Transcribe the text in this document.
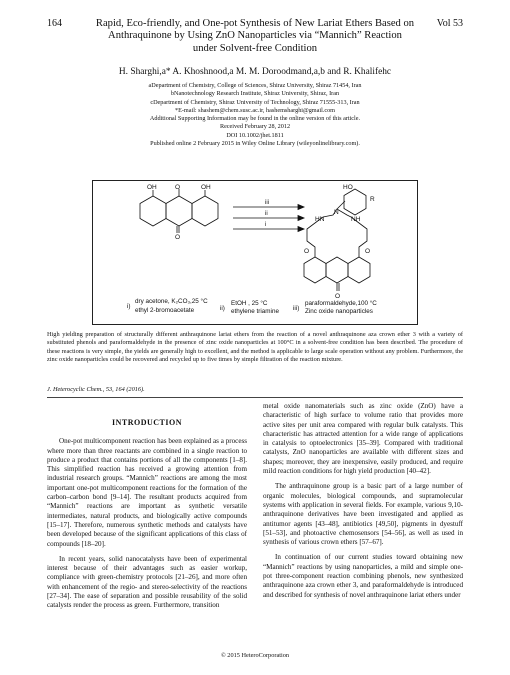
164	Vol 53
Rapid, Eco-friendly, and One-pot Synthesis of New Lariat Ethers Based on
Anthraquinone by Using ZnO Nanoparticles via “Mannich” Reaction
under Solvent-free Condition
H. Sharghi,a* A. Khoshnood,a M. M. Doroodmand,a,b and R. Khalifehc
aDepartment of Chemistry, College of Sciences, Shiraz University, Shiraz 71454, Iran
bNanotechnology Research Institute, Shiraz University, Shiraz, Iran
cDepartment of Chemistry, Shiraz University of Technology, Shiraz 71555-313, Iran
*E-mail: shashem@chem.susc.ac.ir, hashemsharghi@gmail.com
Additional Supporting Information may be found in the online version of this article.
Received February 28, 2012
DOI 10.1002/jhet.1811
Published online 2 February 2015 in Wiley Online Library (wileyonlinelibrary.com).
OH	OH
O
O
O
HO
R
N
HN	NH
O	O
iii
ii
i
i)
dry acetone, K₂CO₃,25 °C
ethyl 2-bromoacetate	ii)
EtOH , 25 °C
ethylene triamine iii)
paraformaldehyde,100 °C
Zinc oxide nanoparticles
High yielding preparation of structurally different anthraquinone lariat ethers from the reaction of a novel anthraquinone aza crown ether 3 with a variety of substituted phenols and paraformaldehyde in the presence of zinc oxide nanoparticles at 100°C in a solvent-free condition has been described. The procedure of these reactions is very simple, the yields are generally high to excellent, and the method is applicable to large scale operation without any problem. Furthermore, the zinc oxide nanoparticles could be recovered and recycled up to five times by simple filtration of the reaction mixture.
J. Heterocyclic Chem., 53, 164 (2016).
INTRODUCTION

One-pot multicomponent reaction has been explained as a process where more than three reactants are combined in a single reaction to produce a product that contains portions of all the components [1–8]. This simplified reaction has received a growing attention from industrial research groups. “Mannich” reactions are among the most important one-pot multicomponent reactions for the formation of the carbon–carbon bond [9–14]. The resultant products acquired from “Mannich” reactions are important as synthetic versatile intermediates, natural products, and biologically active compounds [15–17]. Therefore, numerous synthetic methods and catalysts have been developed because of the significant applications of this class of compounds [18–20].

In recent years, solid nanocatalysts have been of experimental interest because of their advantages such as easier workup, compliance with green-chemistry protocols [21–26], and more often with enhancement of the regio- and stereo-selectivity of the reactions [27–34]. The ease of separation and possible reusability of the solid catalysts render the process as green. Furthermore, transition

metal oxide nanomaterials such as zinc oxide (ZnO) have a characteristic of high surface to volume ratio that provides more active sites per unit area compared with regular bulk catalysts. This characteristic has attracted attention for a wide range of applications in catalysis to optoelectronics [35–39]. Compared with traditional catalysts, ZnO nanoparticles are available with different sizes and shapes; moreover, they are inexpensive, easily produced, and require mild reaction conditions for high yield production [40–42].

The anthraquinone group is a basic part of a large number of organic molecules, biological compounds, and supramolecular systems with application in several fields. For example, various 9,10-anthraquinone derivatives have been investigated and applied as antitumor agents [43–48], antibiotics [49,50], pigments in dyestuff [51–53], and photoactive chemosensors [54–56], as well as used in synthesis of various crown ethers [57–67].

In continuation of our current studies toward obtaining new “Mannich” reactions by using nanoparticles, a mild and simple one-pot three-component reaction combining phenols, new synthesized anthraquinone aza crown ether 3, and paraformaldehyde is introduced and described for synthesis of novel anthraquinone lariat ethers under

© 2015 HeteroCorporation
